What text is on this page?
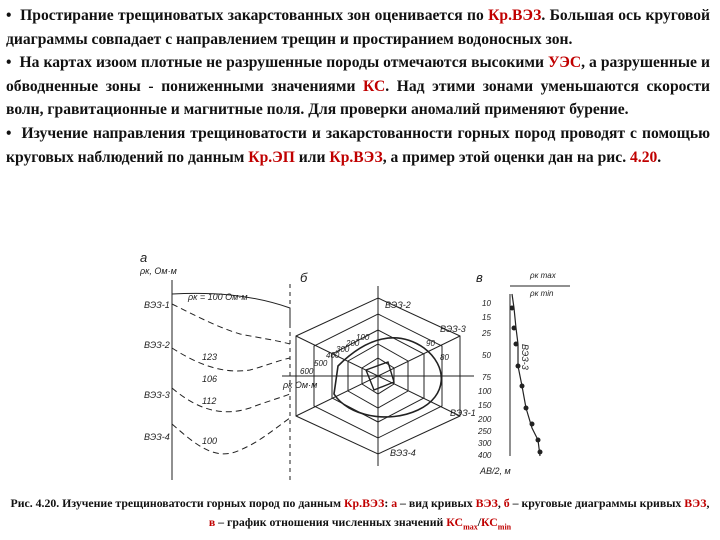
•  Простирание трещиноватых закарстованных зон оценивается по Кр.ВЭЗ. Большая ось круговой диаграммы совпадает с направлением трещин и простиранием водоносных зон.

•  На картах изоом плотные не разрушенные породы отмечаются высокими УЭС, а разрушенные и обводненные зоны - пониженными значениями КС. Над этими зонами уменьшаются скорости волн, гравитационные и магнитные поля. Для проверки аномалий применяют бурение.

•  Изучение направления трещиноватости и закарстованности горных пород проводят с помощью круговых наблюдений по данным Кр.ЭП или Кр.ВЭЗ, а пример этой оценки дан на рис. 4.20.

а
ρк, Ом·м
ВЭЗ-1
ВЭЗ-2
ВЭЗ-3
ВЭЗ-4
ρк = 100 Ом·м
123
106
112
100
б
ВЭЗ-2
ВЭЗ-3
ВЭЗ-1
ВЭЗ-4
ρк Ом·м
500
400
300
200
100
600
90
80
в	ρк max
ρк min
ВЭЗ-3
10
15
25
50
75
100
150
200
250
300
400
AB/2, м
Рис. 4.20. Изучение трещиноватости горных пород по данным Кр.ВЭЗ: а – вид кривых ВЭЗ, б – круговые диаграммы кривых ВЭЗ, в – график отношения численных значений $КС_{max}/КС_{min}$
